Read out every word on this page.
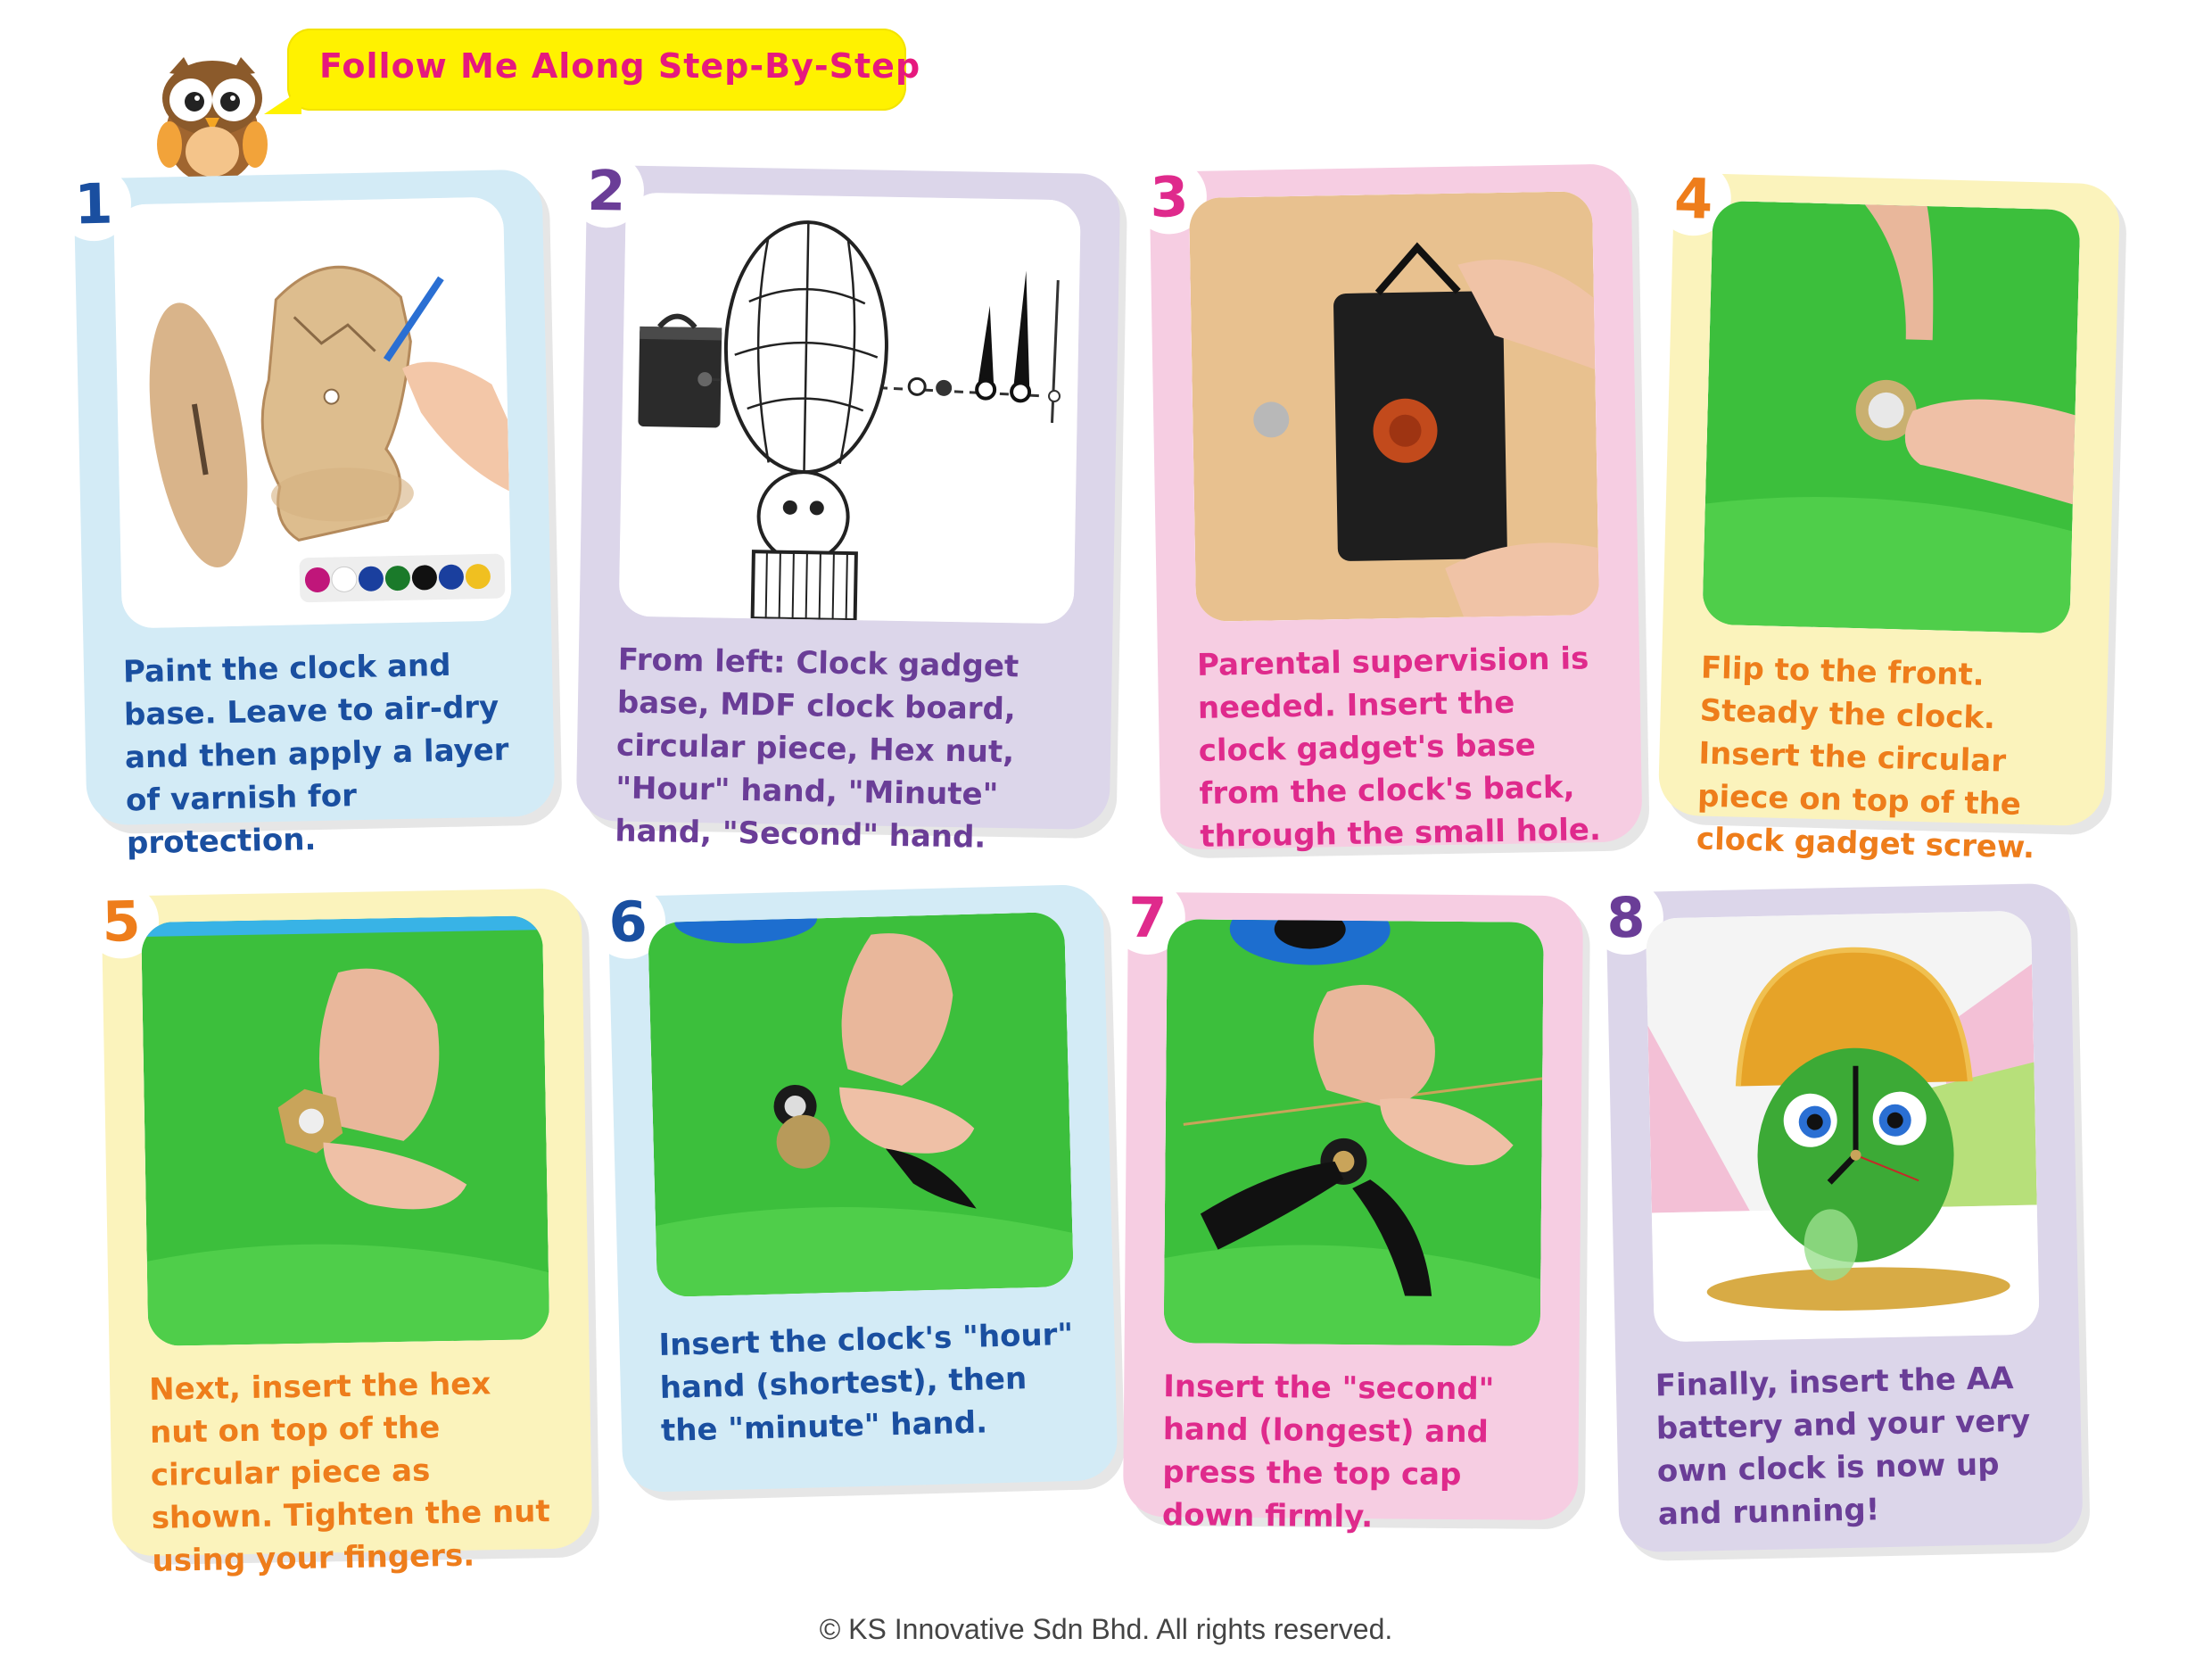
Follow Me Along Step-By-Step
1
Paint the clock and base. Leave to air-dry and then apply a layer of varnish for protection.
2
From left: Clock gadget base, MDF clock board, circular piece, Hex nut, "Hour" hand, "Minute" hand, "Second" hand.
3
Parental supervision is needed. Insert the clock gadget's base from the clock's back, through the small hole.
4
Flip to the front. Steady the clock. Insert the circular piece on top of the clock gadget screw.
5
Next, insert the hex nut on top of the circular piece as shown. Tighten the nut using your fingers.
6
Insert the clock's "hour" hand (shortest), then the "minute" hand.
7
Insert the "second" hand (longest) and press the top cap down firmly.
8
Finally, insert the AA battery and your very own clock is now up and running!
© KS Innovative Sdn Bhd. All rights reserved.
